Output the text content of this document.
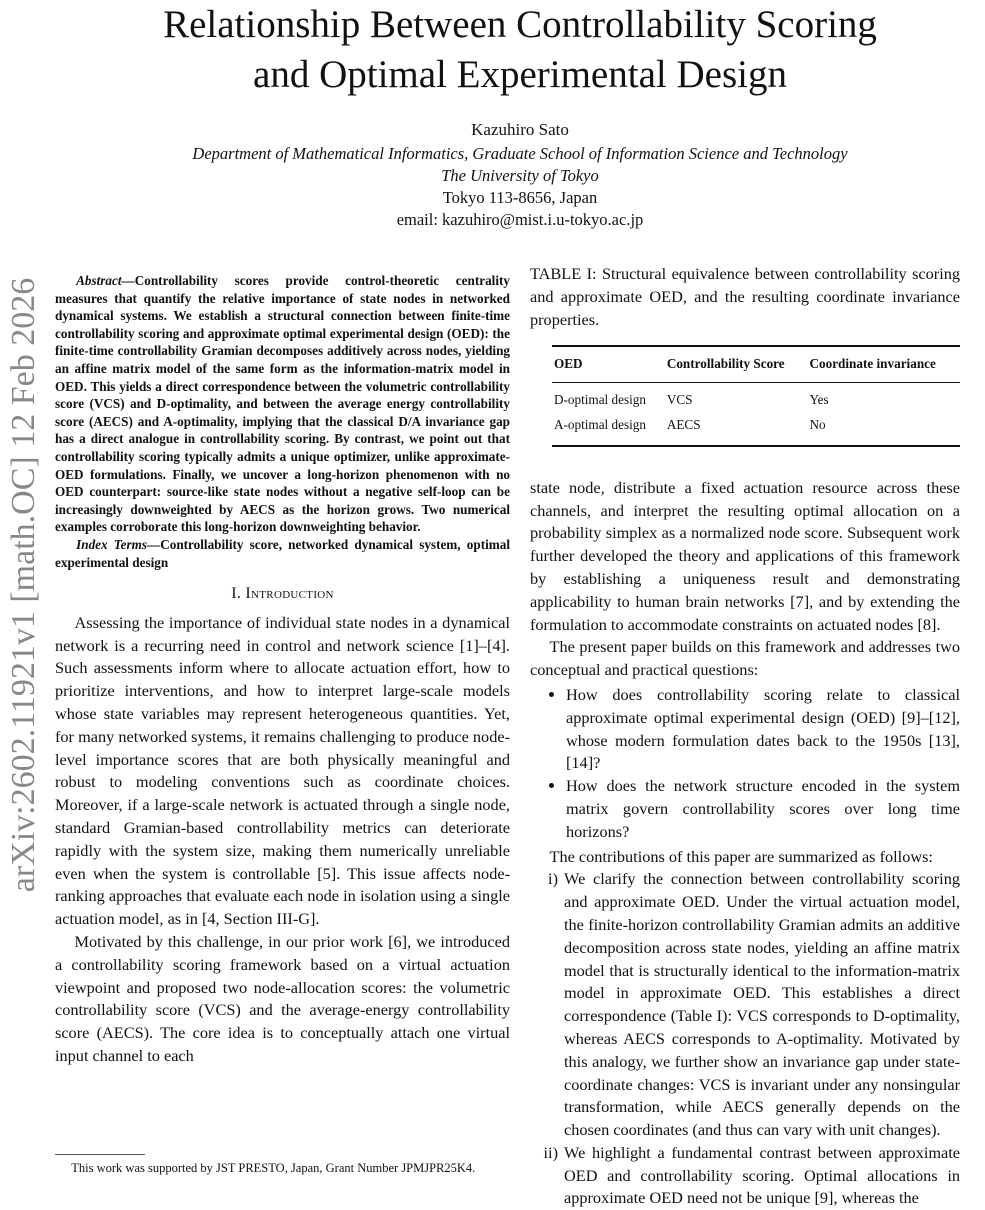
Relationship Between Controllability Scoring
and Optimal Experimental Design
Kazuhiro Sato
Department of Mathematical Informatics, Graduate School of Information Science and Technology
The University of Tokyo
Tokyo 113-8656, Japan
email: kazuhiro@mist.i.u-tokyo.ac.jp
arXiv:2602.11921v1 [math.OC] 12 Feb 2026	Abstract—Controllability scores provide control-theoretic centrality measures that quantify the relative importance of state nodes in networked dynamical systems. We establish a structural connection between finite-time controllability scoring and approximate optimal experimental design (OED): the finite-time controllability Gramian decomposes additively across nodes, yielding an affine matrix model of the same form as the information-matrix model in OED. This yields a direct correspondence between the volumetric controllability score (VCS) and D-optimality, and between the average energy controllability score (AECS) and A-optimality, implying that the classical D/A invariance gap has a direct analogue in controllability scoring. By contrast, we point out that controllability scoring typically admits a unique optimizer, unlike approximate-OED formulations. Finally, we uncover a long-horizon phenomenon with no OED counterpart: source-like state nodes without a negative self-loop can be increasingly downweighted by AECS as the horizon grows. Two numerical examples corroborate this long-horizon downweighting behavior.

Index Terms—Controllability score, networked dynamical system, optimal experimental design

I. Introduction

Assessing the importance of individual state nodes in a dynamical network is a recurring need in control and network science [1]–[4]. Such assessments inform where to allocate actuation effort, how to prioritize interventions, and how to interpret large-scale models whose state variables may represent heterogeneous quantities. Yet, for many networked systems, it remains challenging to produce node-level importance scores that are both physically meaningful and robust to modeling conventions such as coordinate choices. Moreover, if a large-scale network is actuated through a single node, standard Gramian-based controllability metrics can deteriorate rapidly with the system size, making them numerically unreliable even when the system is controllable [5]. This issue affects node-ranking approaches that evaluate each node in isolation using a single actuation model, as in [4, Section III-G].

Motivated by this challenge, in our prior work [6], we introduced a controllability scoring framework based on a virtual actuation viewpoint and proposed two node-allocation scores: the volumetric controllability score (VCS) and the average-energy controllability score (AECS). The core idea is to conceptually attach one virtual input channel to each

This work was supported by JST PRESTO, Japan, Grant Number JPMJPR25K4.

TABLE I: Structural equivalence between controllability scoring and approximate OED, and the resulting coordinate invariance properties.

OED	Controllability Score	Coordinate invariance
D-optimal design	VCS	Yes
A-optimal design	AECS	No

state node, distribute a fixed actuation resource across these channels, and interpret the resulting optimal allocation on a probability simplex as a normalized node score. Subsequent work further developed the theory and applications of this framework by establishing a uniqueness result and demonstrating applicability to human brain networks [7], and by extending the formulation to accommodate constraints on actuated nodes [8].

The present paper builds on this framework and addresses two conceptual and practical questions:

• How does controllability scoring relate to classical approximate optimal experimental design (OED) [9]–[12], whose modern formulation dates back to the 1950s [13], [14]?
• How does the network structure encoded in the system matrix govern controllability scores over long time horizons?

The contributions of this paper are summarized as follows:

i) We clarify the connection between controllability scoring and approximate OED. Under the virtual actuation model, the finite-horizon controllability Gramian admits an additive decomposition across state nodes, yielding an affine matrix model that is structurally identical to the information-matrix model in approximate OED. This establishes a direct correspondence (Table I): VCS corresponds to D-optimality, whereas AECS corresponds to A-optimality. Motivated by this analogy, we further show an invariance gap under state-coordinate changes: VCS is invariant under any nonsingular transformation, while AECS generally depends on the chosen coordinates (and thus can vary with unit changes).
ii) We highlight a fundamental contrast between approximate OED and controllability scoring. Optimal allocations in approximate OED need not be unique [9], whereas the
